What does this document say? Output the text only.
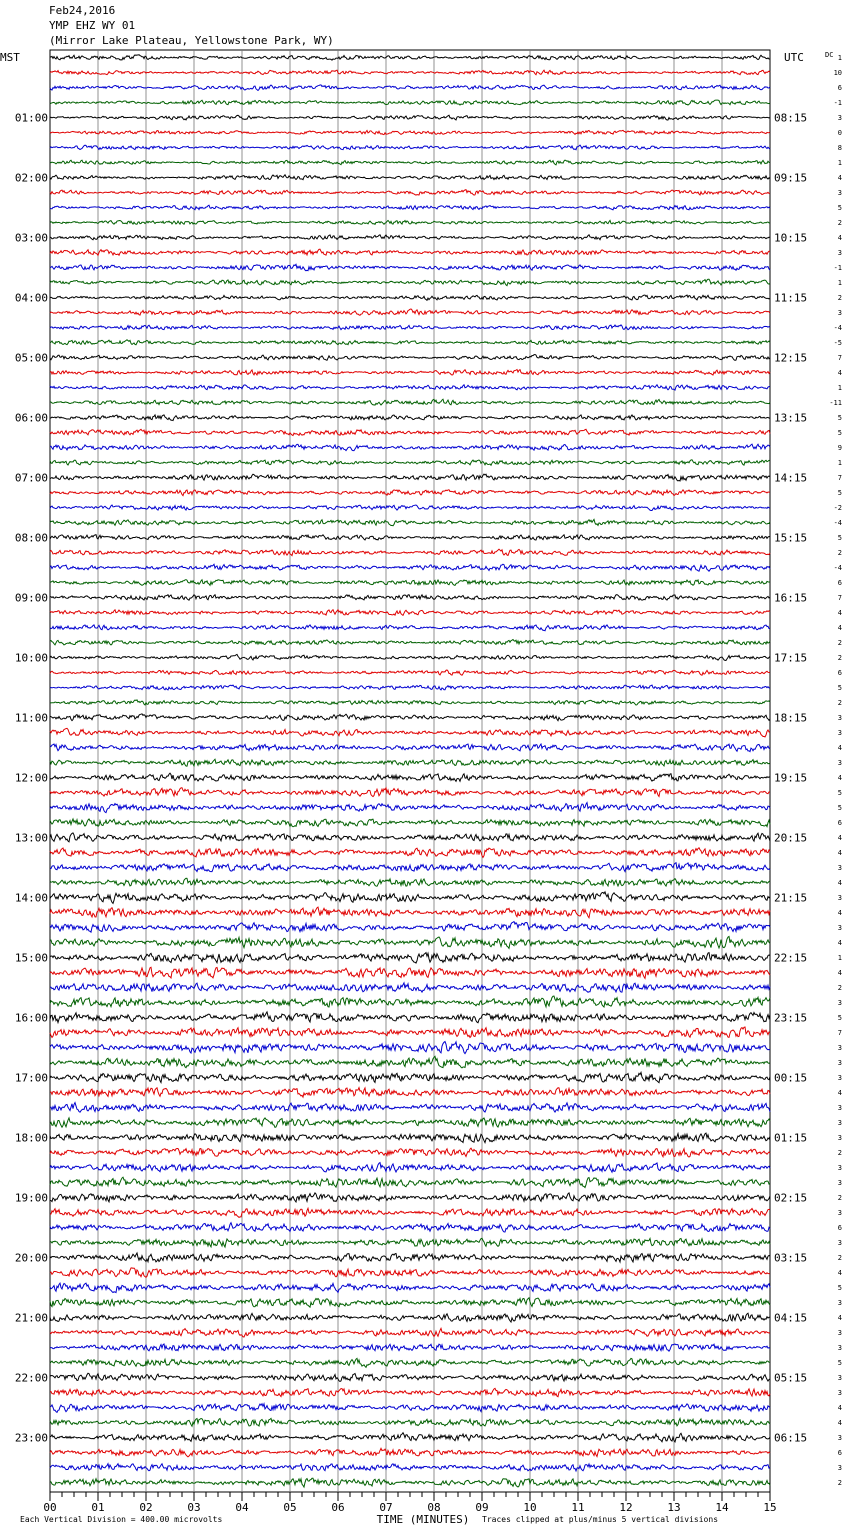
Feb24,2016
YMP EHZ WY 01
(Mirror Lake Plateau, Yellowstone Park, WY)
1
10
6
-1
3
0
8
1
4
3
5
2
4
3
-1
1
2
3
-4
-5
7
4
1
-11
5
5
9
1
7
5
-2
-4
5
2
-4
6
7
4
4
2
2
6
5
2
3
3
4
3
4
5
5
6
4
4
3
4
3
4
3
4
1
4
2
3
5
7
3
3
3
4
3
3
3
2
3
3
2
3
6
3
2
4
5
3
4
3
3
5
3
3
4
4
3
6
3
2
MST	UTC	DC
01:00	08:15
02:00	09:15
03:00	10:15
04:00	11:15
05:00	12:15
06:00	13:15
07:00	14:15
08:00	15:15
09:00	16:15
10:00	17:15
11:00	18:15
12:00	19:15
13:00	20:15
14:00	21:15
15:00	22:15
16:00	23:15
17:00	00:15
18:00	01:15
19:00	02:15
20:00	03:15
21:00	04:15
22:00	05:15
23:00	06:15
00	01	02	03	04	05	06	07	08	09	10	11	12	13	14	15
TIME (MINUTES)
Each Vertical Division = 400.00 microvolts	Traces clipped at plus/minus 5 vertical divisions
